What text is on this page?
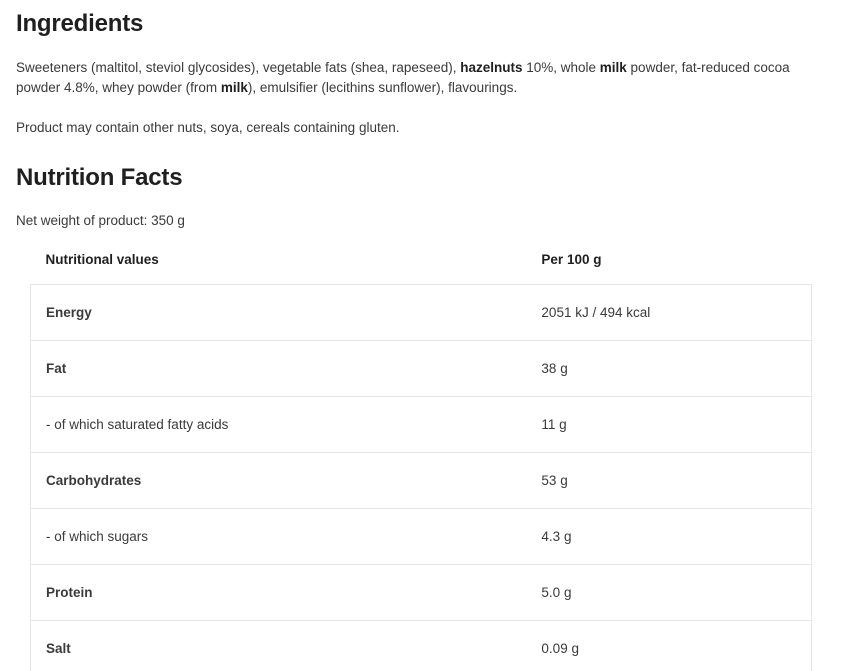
Ingredients

Sweeteners (maltitol, steviol glycosides), vegetable fats (shea, rapeseed), hazelnuts 10%, whole milk powder, fat-reduced cocoa powder 4.8%, whey powder (from milk), emulsifier (lecithins sunflower), flavourings.

Product may contain other nuts, soya, cereals containing gluten.

Nutrition Facts

Net weight of product: 350 g

Nutritional values	Per 100 g
Energy	2051 kJ / 494 kcal
Fat	38 g
- of which saturated fatty acids	11 g
Carbohydrates	53 g
- of which sugars	4.3 g
Protein	5.0 g
Salt	0.09 g
